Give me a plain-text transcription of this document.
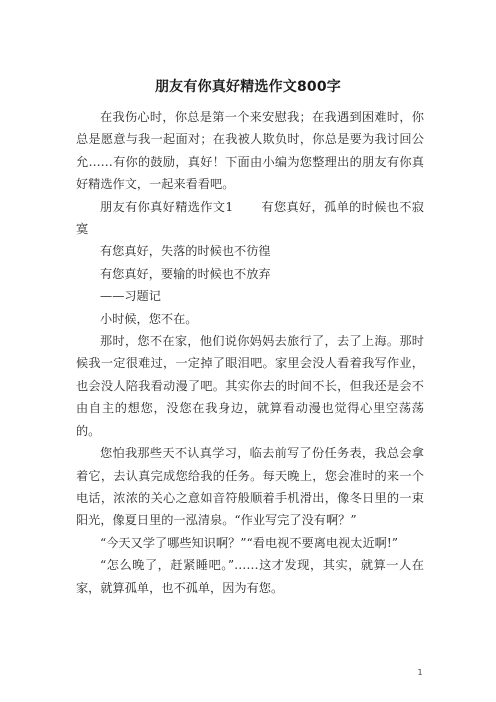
朋友有你真好精选作文800字

在我伤心时，你总是第一个来安慰我；在我遇到困难时，你总是愿意与我一起面对；在我被人欺负时，你总是要为我讨回公允……有你的鼓励，真好！下面由小编为您整理出的朋友有你真好精选作文，一起来看看吧。

朋友有你真好精选作文1 有您真好，孤单的时候也不寂寞

有您真好，失落的时候也不彷徨

有您真好，要输的时候也不放弃

——习题记

小时候，您不在。

那时，您不在家，他们说你妈妈去旅行了，去了上海。那时候我一定很难过，一定掉了眼泪吧。家里会没人看着我写作业，也会没人陪我看动漫了吧。其实你去的时间不长，但我还是会不由自主的想您，没您在我身边，就算看动漫也觉得心里空荡荡的。

您怕我那些天不认真学习，临去前写了份任务表，我总会拿着它，去认真完成您给我的任务。每天晚上，您会准时的来一个电话，浓浓的关心之意如音符般顺着手机滑出，像冬日里的一束阳光，像夏日里的一泓清泉。“作业写完了没有啊？”

“今天又学了哪些知识啊？”“看电视不要离电视太近啊!”

“怎么晚了，赶紧睡吧。”……这才发现，其实，就算一人在家，就算孤单，也不孤单，因为有您。

1
